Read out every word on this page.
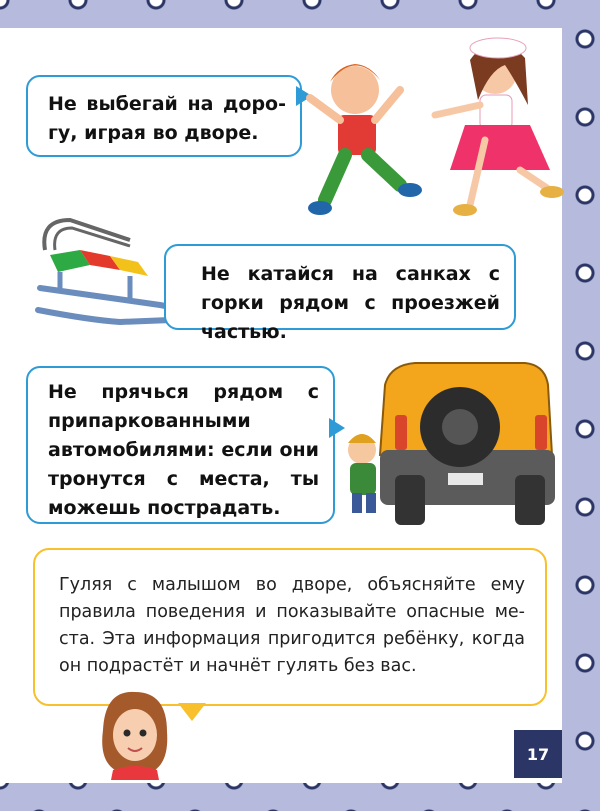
Не выбегай на дорогу, играя во дворе.

Не катайся на санках с горки рядом с проезжей частью.

Не прячься рядом с припаркованными автомобилями: если они тронутся с места, ты можешь пострадать.

Гуляя с малышом во дворе, объясняйте ему правила поведения и показывайте опасные места. Эта информация пригодится ребёнку, когда он подрастёт и начнёт гулять без вас.

17
